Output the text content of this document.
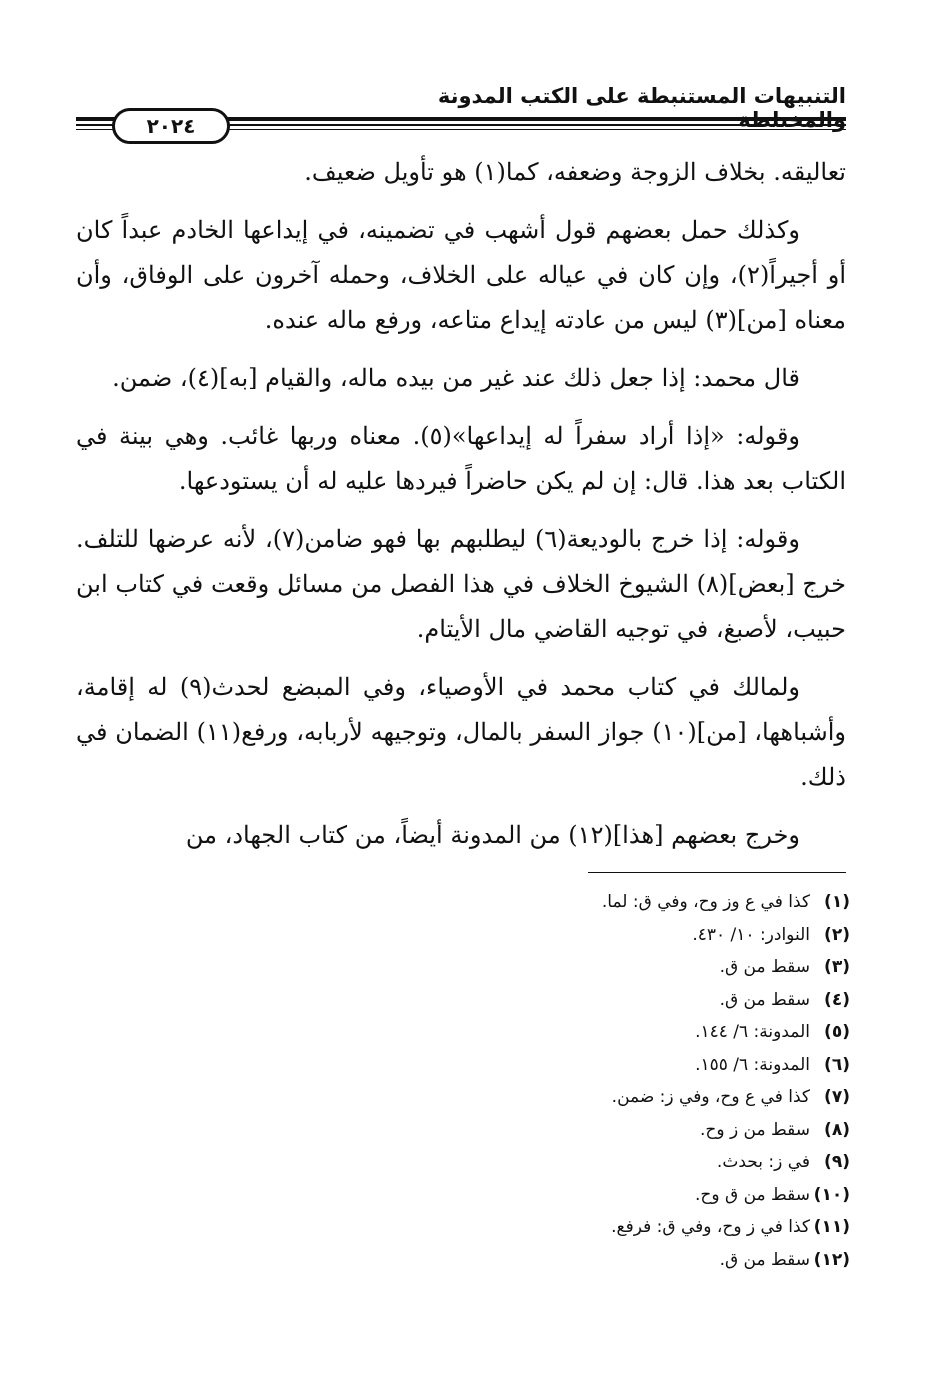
التنبيهات المستنبطة على الكتب المدونة
٢٠٢٤

تعاليقه. بخلاف الزوجة وضعفه، كما(١) هو تأويل ضعيف.

وكذلك حمل بعضهم قول أشهب في تضمينه، في إيداعها الخادم عبداً كان أو أجيراً(٢)، وإن كان في عياله على الخلاف، وحمله آخرون على الوفاق، وأن معناه [من](٣) ليس من عادته إيداع متاعه، ورفع ماله عنده.

قال محمد: إذا جعل ذلك عند غير من بيده ماله، والقيام [به](٤)، ضمن.

وقوله: «إذا أراد سفراً له إيداعها»(٥). معناه وربها غائب. وهي بينة في الكتاب بعد هذا. قال: إن لم يكن حاضراً فيردها عليه له أن يستودعها.

وقوله: إذا خرج بالوديعة(٦) ليطلبهم بها فهو ضامن(٧)، لأنه عرضها للتلف. خرج [بعض](٨) الشيوخ الخلاف في هذا الفصل من مسائل وقعت في كتاب ابن حبيب، لأصبغ، في توجيه القاضي مال الأيتام.

ولمالك في كتاب محمد في الأوصياء، وفي المبضع لحدث(٩) له إقامة، وأشباهها، [من](١٠) جواز السفر بالمال، وتوجيهه لأربابه، ورفع(١١) الضمان في ذلك.

وخرج بعضهم [هذا](١٢) من المدونة أيضاً، من كتاب الجهاد، من

(١)كذا في ع وز وح، وفي ق: لما.
(٢)النوادر: ١٠/ ٤٣٠.
(٣)سقط من ق.
(٤)سقط من ق.
(٥)المدونة: ٦/ ١٤٤.
(٦)المدونة: ٦/ ١٥٥.
(٧)كذا في ع وح، وفي ز: ضمن.
(٨)سقط من ز وح.
(٩)في ز: بحدث.
(١٠)سقط من ق وح.
(١١)كذا في ز وح، وفي ق: فرفع.
(١٢)سقط من ق.
